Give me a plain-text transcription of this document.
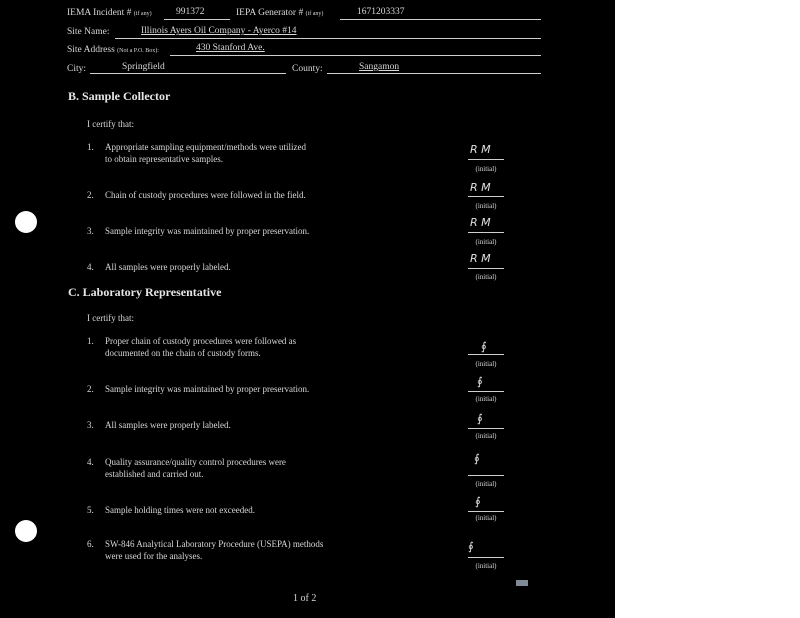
IEMA Incident # (if any)	991372	IEPA Generator # (if any)	1671203337
Site Name:	Illinois Ayers Oil Company - Ayerco #14
Site Address (Not a P.O. Box):	430 Stanford Ave.
City:	Springfield	County:	Sangamon
B. Sample Collector
I certify that:
1. Appropriate sampling equipment/methods were utilized
to obtain representative samples.
R M
(initial)
2. Chain of custody procedures were followed in the field.
R M
(initial)
3. Sample integrity was maintained by proper preservation.
R M
(initial)
4. All samples were properly labeled.
R M
(initial)
C. Laboratory Representative
I certify that:
1. Proper chain of custody procedures were followed as
documented on the chain of custody forms.	∮
(initial)
2. Sample integrity was maintained by proper preservation.
∮
(initial)
3. All samples were properly labeled.	∮
(initial)
4. Quality assurance/quality control procedures were
established and carried out.
∮
(initial)
5. Sample holding times were not exceeded.
∮
(initial)
6. SW-846 Analytical Laboratory Procedure (USEPA) methods
were used for the analyses.
∮
(initial)
1 of 2
